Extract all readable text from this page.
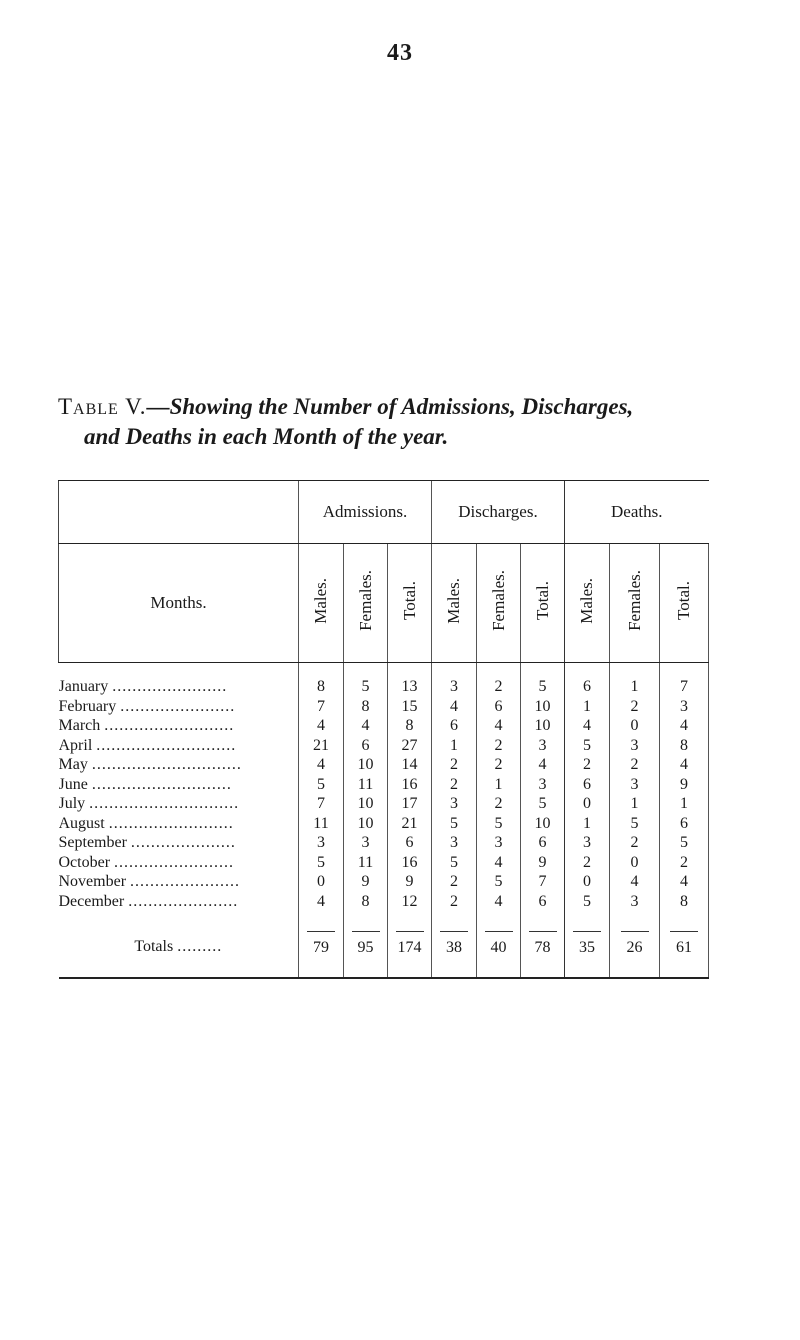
43
Table V.—Showing the Number of Admissions, Discharges,
and Deaths in each Month of the year.
	Admissions.			Discharges.			Deaths.		
Months.	Males.	Females.	Total.	Males.	Females.	Total.	Males.	Females.	Total.

January .......................	8	5	13	3	2	5	6	1	7
February .......................	7	8	15	4	6	10	1	2	3
March ..........................	4	4	8	6	4	10	4	0	4
April ............................	21	6	27	1	2	3	5	3	8
May ..............................	4	10	14	2	2	4	2	2	4
June ............................	5	11	16	2	1	3	6	3	9
July ..............................	7	10	17	3	2	5	0	1	1
August .........................	11	10	21	5	5	10	1	5	6
September .....................	3	3	6	3	3	6	3	2	5
October ........................	5	11	16	5	4	9	2	0	2
November ......................	0	9	9	2	5	7	0	4	4
December ......................	4	8	12	2	4	6	5	3	8

Totals .........	79	95	174	38	40	78	35	26	61
